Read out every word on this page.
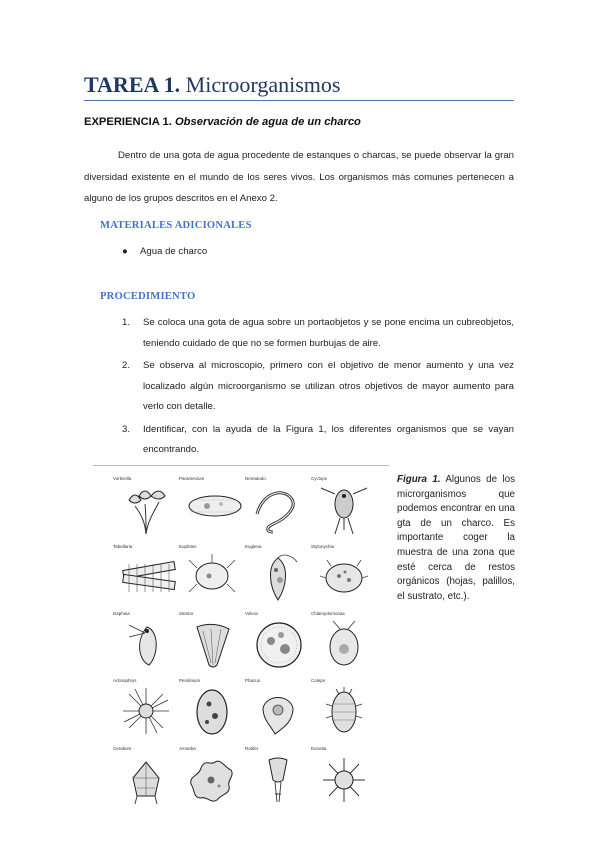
TAREA 1. Microorganismos
EXPERIENCIA 1. Observación de agua de un charco
Dentro de una gota de agua procedente de estanques o charcas, se puede observar la gran diversidad existente en el mundo de los seres vivos. Los organismos más comunes pertenecen a alguno de los grupos descritos en el Anexo 2.
MATERIALES ADICIONALES
● Agua de charco
PROCEDIMIENTO
1. Se coloca una gota de agua sobre un portaobjetos y se pone encima un cubreobjetos, teniendo cuidado de que no se formen burbujas de aire.
2. Se observa al microscopio, primero con el objetivo de menor aumento y una vez localizado algún microorganismo se utilizan otros objetivos de mayor aumento para verlo con detalle.
3. Identificar, con la ayuda de la Figura 1, los diferentes organismos que se vayan encontrando.
Vorticella	Paramecium	Nematodo	Cyclops
Tabellaria	Euplotes	Euglena	Stylonychia
Daphnia	Stentor	Volvox	Chlamydomonas
Actinophrys	Peridinium	Phacus	Coleps
Ceratium	Amoeba	Rotifer	Eunotia
Figura 1. Algunos de los microrganismos que podemos encontrar en una gta de un charco. Es importante coger la muestra de una zona que esté cerca de restos orgánicos (hojas, palillos, el sustrato, etc.).
